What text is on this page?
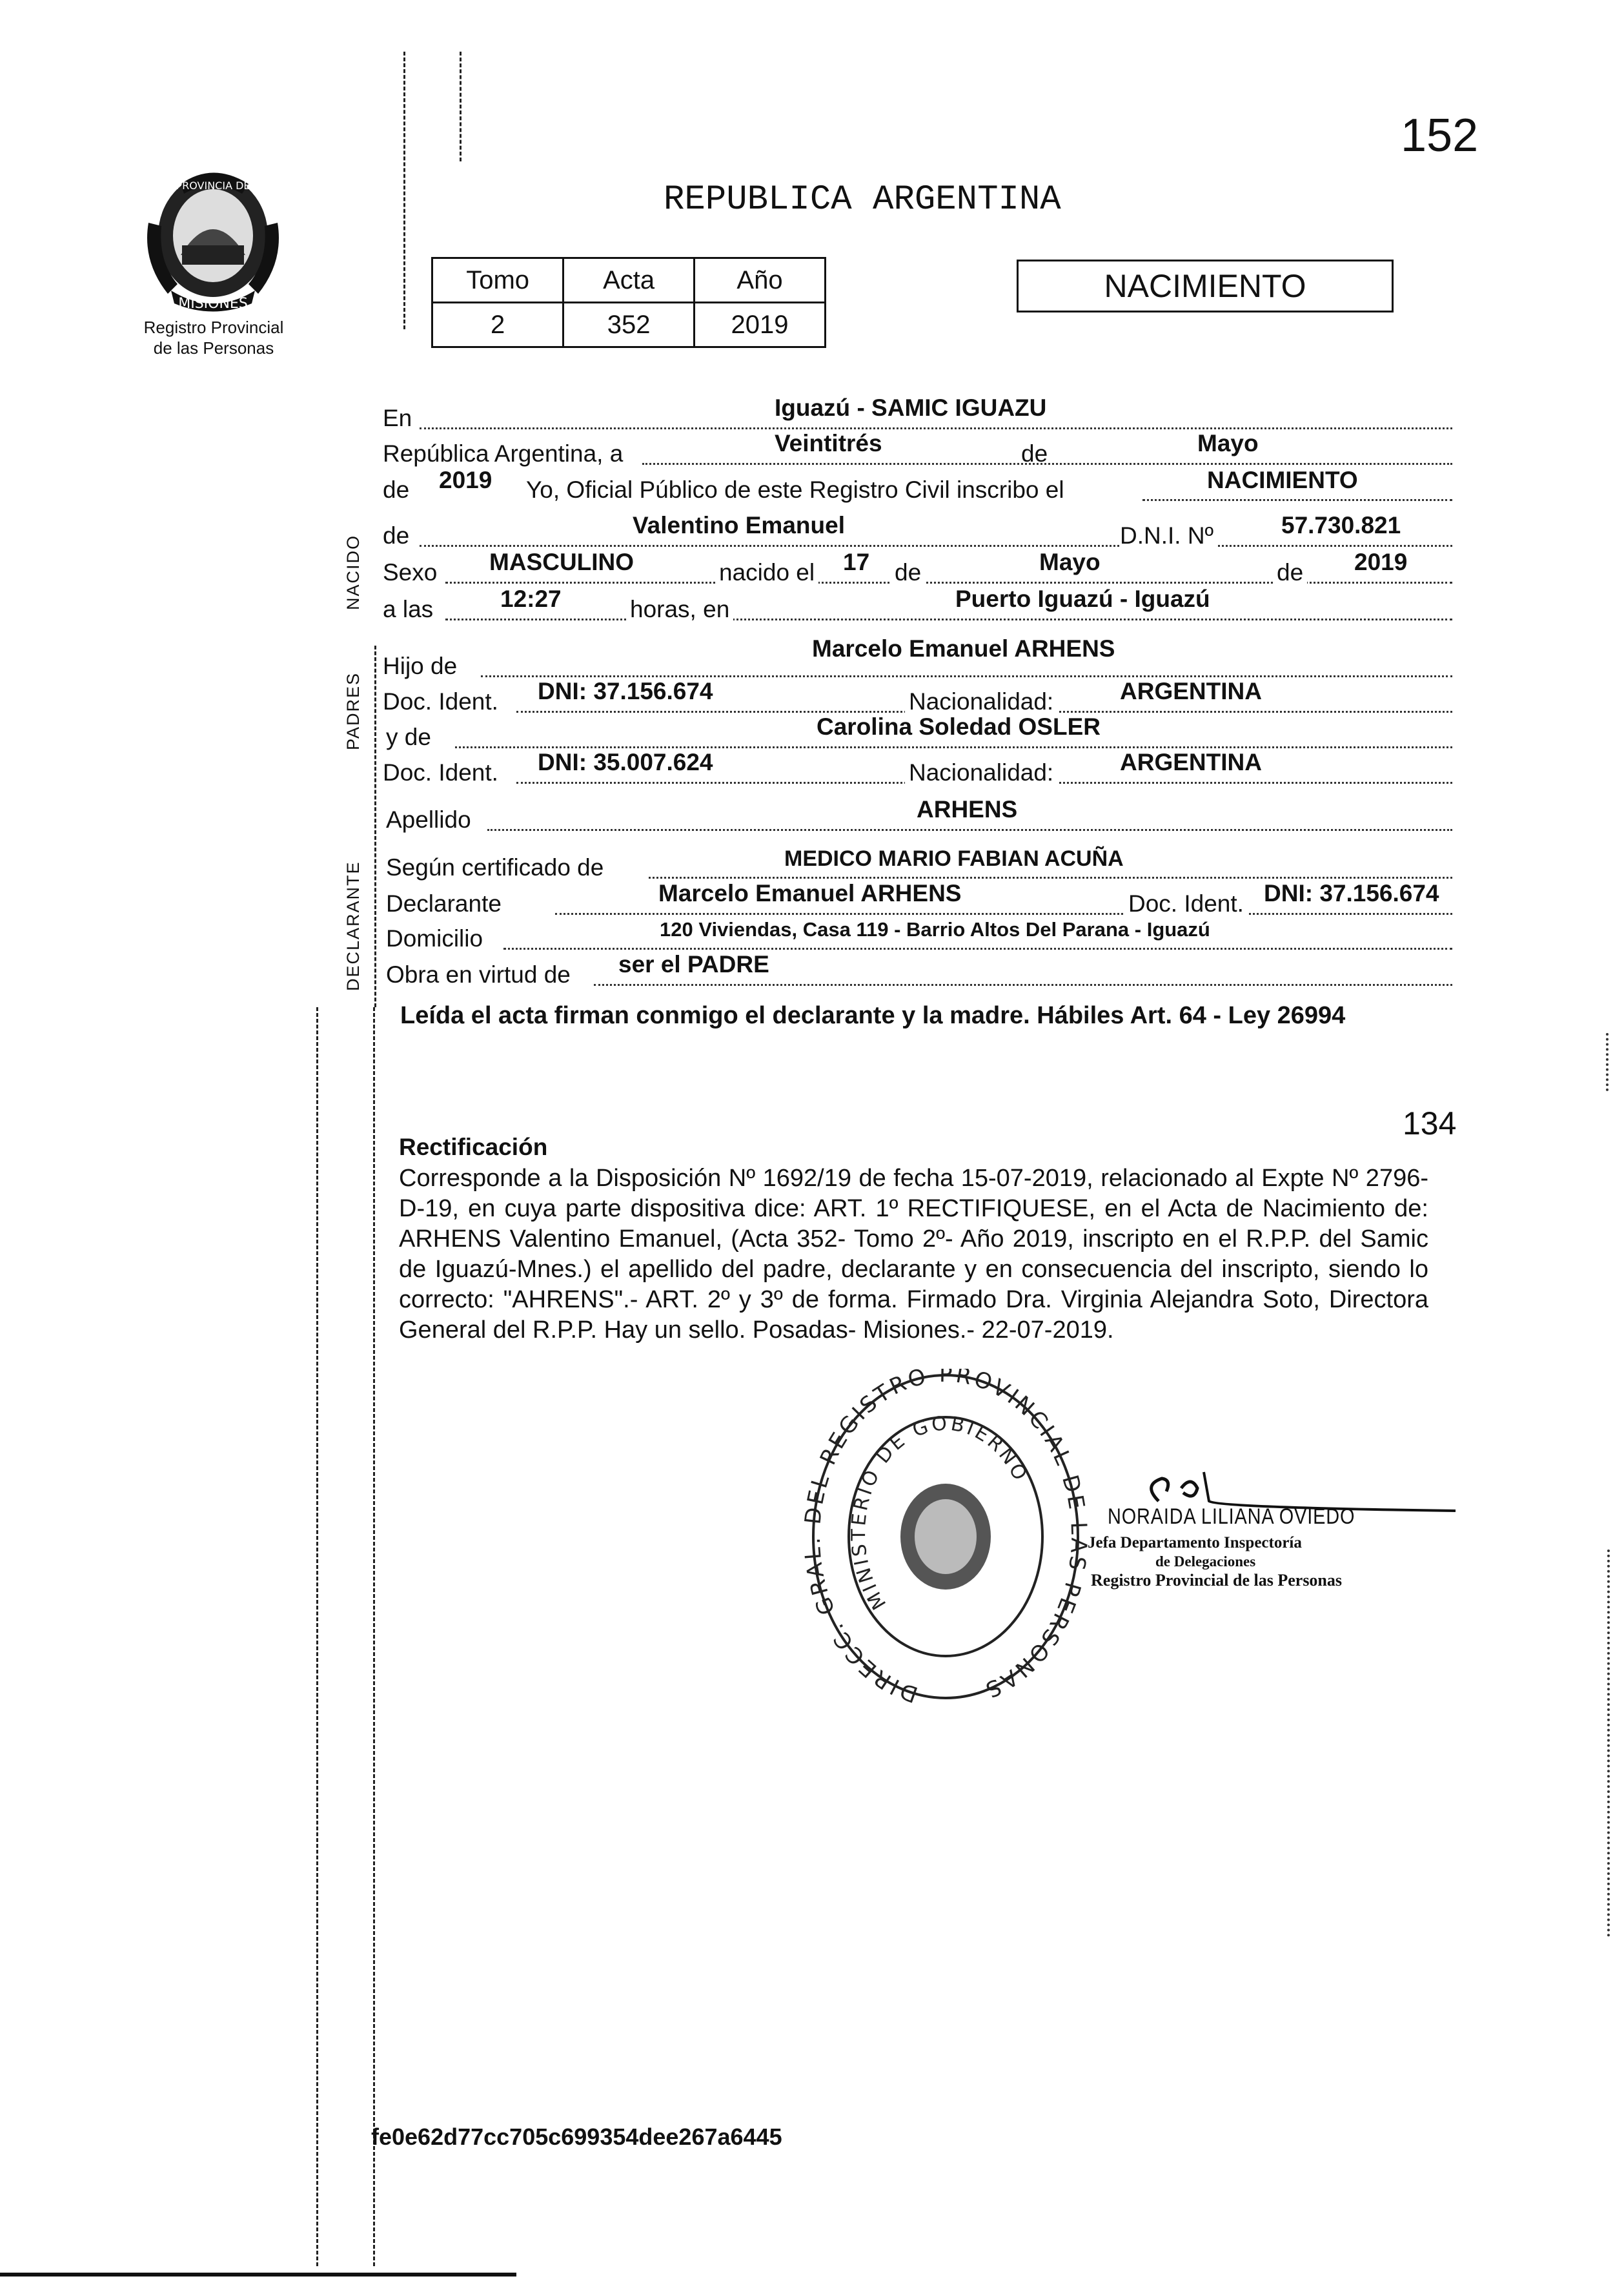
152
PROVINCIA DE
MISIONES
Registro Provincial
de las Personas
REPUBLICA ARGENTINA
Tomo	Acta	Año
2	352	2019
NACIMIENTO
NACIDO
PADRES
DECLARANTE
En	Iguazú - SAMIC IGUAZU
República Argentina, a	Veintitrés	de	Mayo
de 2019 Yo, Oficial Público de este Registro Civil inscribo el	NACIMIENTO
de	Valentino Emanuel	D.N.I. Nº	57.730.821
Sexo MASCULINO	nacido el 17 de	Mayo	de 2019
a las	12:27	horas, en	Puerto Iguazú - Iguazú
Hijo de
Marcelo Emanuel ARHENS
Doc. Ident. DNI: 37.156.674	Nacionalidad:	ARGENTINA
y de	Carolina Soledad OSLER
Doc. Ident. DNI: 35.007.624	Nacionalidad:	ARGENTINA
Apellido	ARHENS
Según certificado de	MEDICO MARIO FABIAN ACUÑA
Declarante	Marcelo Emanuel ARHENS	Doc. Ident. DNI: 37.156.674
Domicilio	120 Viviendas, Casa 119 - Barrio Altos Del Parana - Iguazú
Obra en virtud de ser el PADRE
Leída el acta firman conmigo el declarante y la madre. Hábiles Art. 64 - Ley 26994
134
Rectificación
Corresponde a la Disposición Nº 1692/19 de fecha 15-07-2019, relacionado al Expte Nº 2796-D-19, en cuya parte dispositiva dice: ART. 1º RECTIFIQUESE, en el Acta de Nacimiento de: ARHENS Valentino Emanuel, (Acta 352- Tomo 2º- Año 2019, inscripto en el R.P.P. del Samic de Iguazú-Mnes.) el apellido del padre, declarante y en consecuencia del inscripto, siendo lo correcto: "AHRENS".- ART. 2º y 3º de forma. Firmado Dra. Virginia Alejandra Soto, Directora General del R.P.P. Hay un sello. Posadas- Misiones.- 22-07-2019.
DIRECC. GRA EL REGISTRO PROVINCIAL DE PERSONAS
MINISTERIO DE GOBIERNO
NORAIDA LILIANA OVIEDO
Jefa Departamento Inspectoría
de Delegaciones
Registro Provincial de las Personas
fe0e62d77cc705c699354dee267a6445
